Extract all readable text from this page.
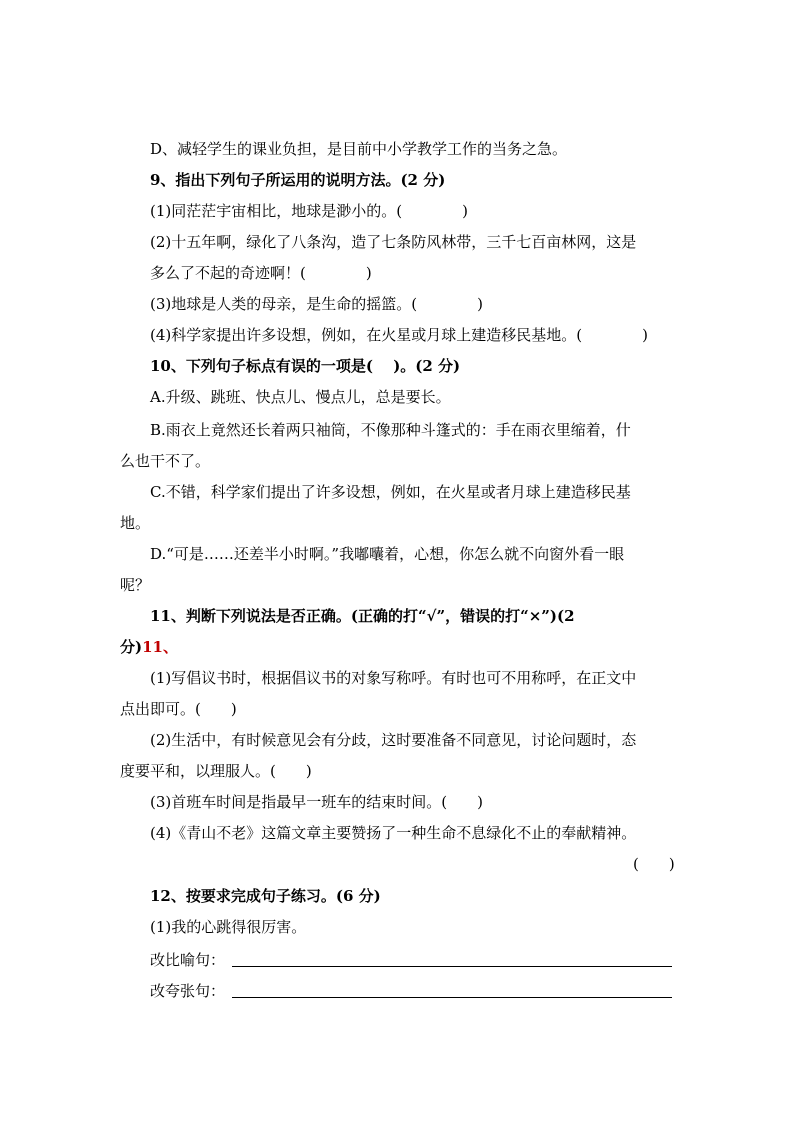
D、减轻学生的课业负担，是目前中小学教学工作的当务之急。
9、指出下列句子所运用的说明方法。(2 分)
(1)同茫茫宇宙相比，地球是渺小的。(　　　　)
(2)十五年啊，绿化了八条沟，造了七条防风林带，三千七百亩林网，这是
多么了不起的奇迹啊！(　　　　)
(3)地球是人类的母亲，是生命的摇篮。(　　　　)
(4)科学家提出许多设想，例如，在火星或月球上建造移民基地。(　　　　)
10、下列句子标点有误的一项是(　 )。(2 分)
A.升级、跳班、快点儿、慢点儿，总是要长。
B.雨衣上竟然还长着两只袖筒，不像那种斗篷式的：手在雨衣里缩着，什
么也干不了。
C.不错，科学家们提出了许多设想，例如，在火星或者月球上建造移民基
地。
D.“可是……还差半小时啊。”我嘟囔着，心想，你怎么就不向窗外看一眼
呢？
11、判断下列说法是否正确。(正确的打“√”，错误的打“×”)(2
分)11、
(1)写倡议书时，根据倡议书的对象写称呼。有时也可不用称呼，在正文中
点出即可。(　　)
(2)生活中，有时候意见会有分歧，这时要准备不同意见，讨论问题时，态
度要平和，以理服人。(　　)
(3)首班车时间是指最早一班车的结束时间。(　　)
(4)《青山不老》这篇文章主要赞扬了一种生命不息绿化不止的奉献精神。
(　　)
12、按要求完成句子练习。(6 分)
(1)我的心跳得很厉害。
改比喻句：
改夸张句：
